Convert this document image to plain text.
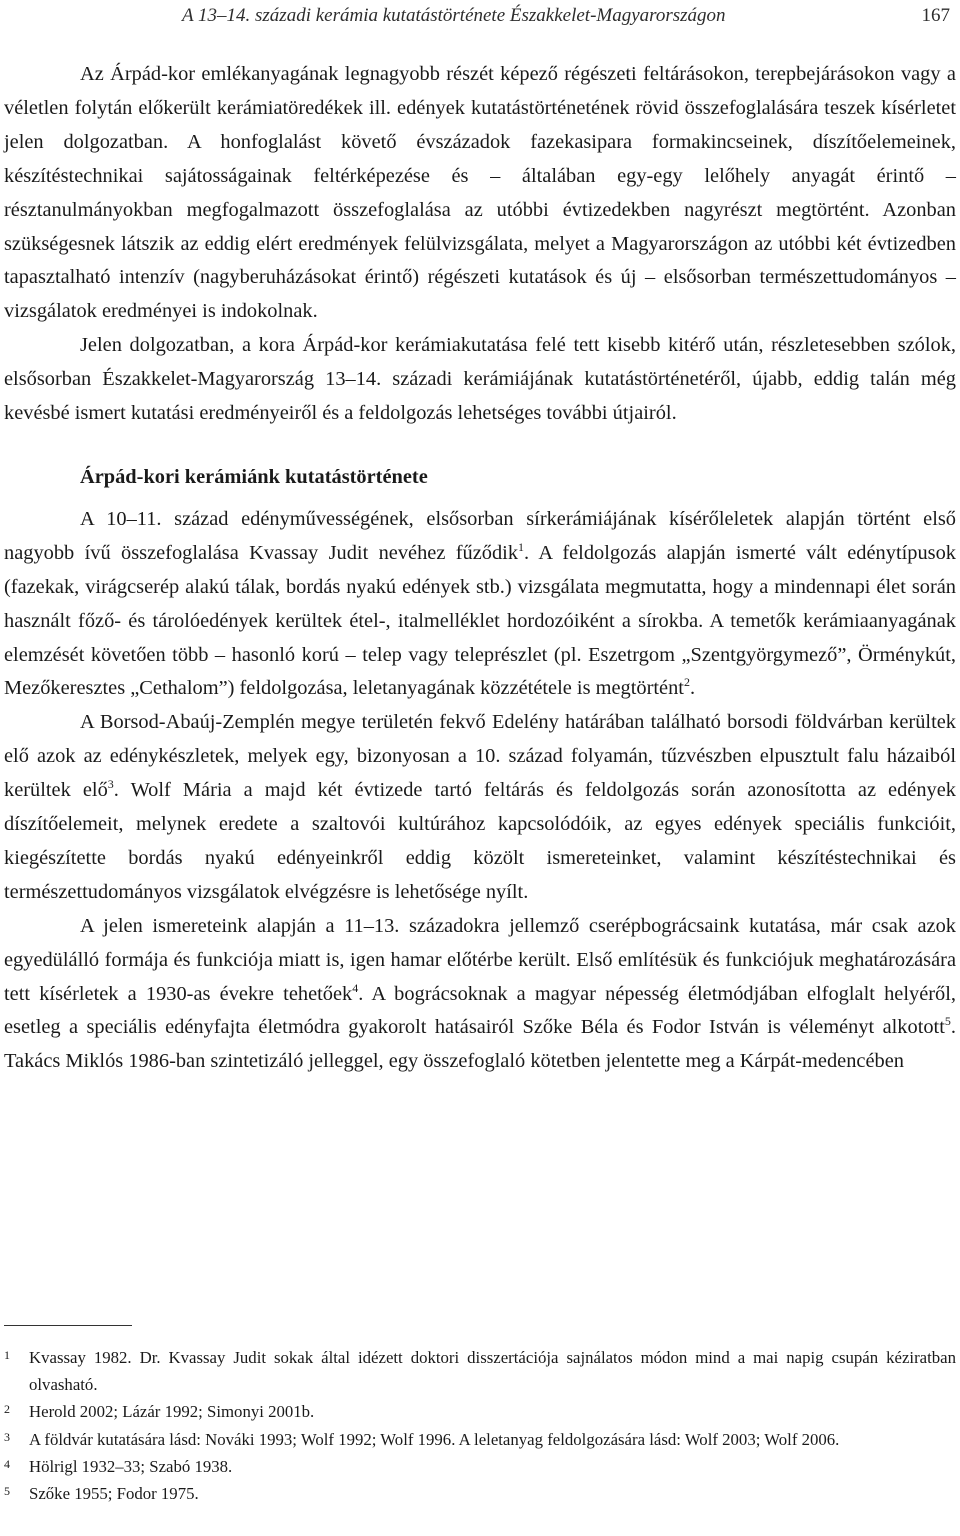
A 13–14. századi kerámia kutatástörténete Északkelet-Magyarországon	167

Az Árpád-kor emlékanyagának legnagyobb részét képező régészeti feltárásokon, terepbejárásokon vagy a véletlen folytán előkerült kerámiatöredékek ill. edények kutatástörténetének rövid összefoglalására teszek kísérletet jelen dolgozatban. A honfoglalást követő évszázadok fazekasipara formakincseinek, díszítőelemeinek, készítéstechnikai sajátosságainak feltérképezése és – általában egy-egy lelőhely anyagát érintő – résztanulmányokban megfogalmazott összefoglalása az utóbbi évtizedekben nagyrészt megtörtént. Azonban szükségesnek látszik az eddig elért eredmények felülvizsgálata, melyet a Magyarországon az utóbbi két évtizedben tapasztalható intenzív (nagyberuházásokat érintő) régészeti kutatások és új – elsősorban természettudományos – vizsgálatok eredményei is indokolnak.

Jelen dolgozatban, a kora Árpád-kor kerámiakutatása felé tett kisebb kitérő után, részletesebben szólok, elsősorban Északkelet-Magyarország 13–14. századi kerámiájának kutatástörténetéről, újabb, eddig talán még kevésbé ismert kutatási eredményeiről és a feldolgozás lehetséges további útjairól.

Árpád-kori kerámiánk kutatástörténete

A 10–11. század edényművességének, elsősorban sírkerámiájának kísérőleletek alapján történt első nagyobb ívű összefoglalása Kvassay Judit nevéhez fűződik$^1$. A feldolgozás alapján ismerté vált edénytípusok (fazekak, virágcserép alakú tálak, bordás nyakú edények stb.) vizsgálata megmutatta, hogy a mindennapi élet során használt főző- és tárolóedények kerültek étel-, italmelléklet hordozóiként a sírokba. A temetők kerámiaanyagának elemzését követően több – hasonló korú – telep vagy teleprészlet (pl. Eszetrgom „Szentgyörgymező”, Örménykút, Mezőkeresztes „Cethalom”) feldolgozása, leletanyagának közzététele is megtörtént$^2$.

A Borsod-Abaúj-Zemplén megye területén fekvő Edelény határában található borsodi földvárban kerültek elő azok az edénykészletek, melyek egy, bizonyosan a 10. század folyamán, tűzvészben elpusztult falu házaiból kerültek elő$^3$. Wolf Mária a majd két évtizede tartó feltárás és feldolgozás során azonosította az edények díszítőelemeit, melynek eredete a szaltovói kultúrához kapcsolódóik, az egyes edények speciális funkcióit, kiegészítette bordás nyakú edényeinkről eddig közölt ismereteinket, valamint készítéstechnikai és természettudományos vizsgálatok elvégzésre is lehetősége nyílt.

A jelen ismereteink alapján a 11–13. századokra jellemző cserépbográcsaink kutatása, már csak azok egyedülálló formája és funkciója miatt is, igen hamar előtérbe került. Első említésük és funkciójuk meghatározására tett kísérletek a 1930-as évekre tehetőek$^4$. A bográcsoknak a magyar népesség életmódjában elfoglalt helyéről, esetleg a speciális edényfajta életmódra gyakorolt hatásairól Szőke Béla és Fodor István is véleményt alkotott$^5$. Takács Miklós 1986-ban szintetizáló jelleggel, egy összefoglaló kötetben jelentette meg a Kárpát-medencében

1 Kvassay 1982. Dr. Kvassay Judit sokak által idézett doktori disszertációja sajnálatos módon mind a mai napig csupán kéziratban olvasható.
2 Herold 2002; Lázár 1992; Simonyi 2001b.
3 A földvár kutatására lásd: Nováki 1993; Wolf 1992; Wolf 1996. A leletanyag feldolgozására lásd: Wolf 2003; Wolf 2006.
4 Hölrigl 1932–33; Szabó 1938.
5 Szőke 1955; Fodor 1975.
